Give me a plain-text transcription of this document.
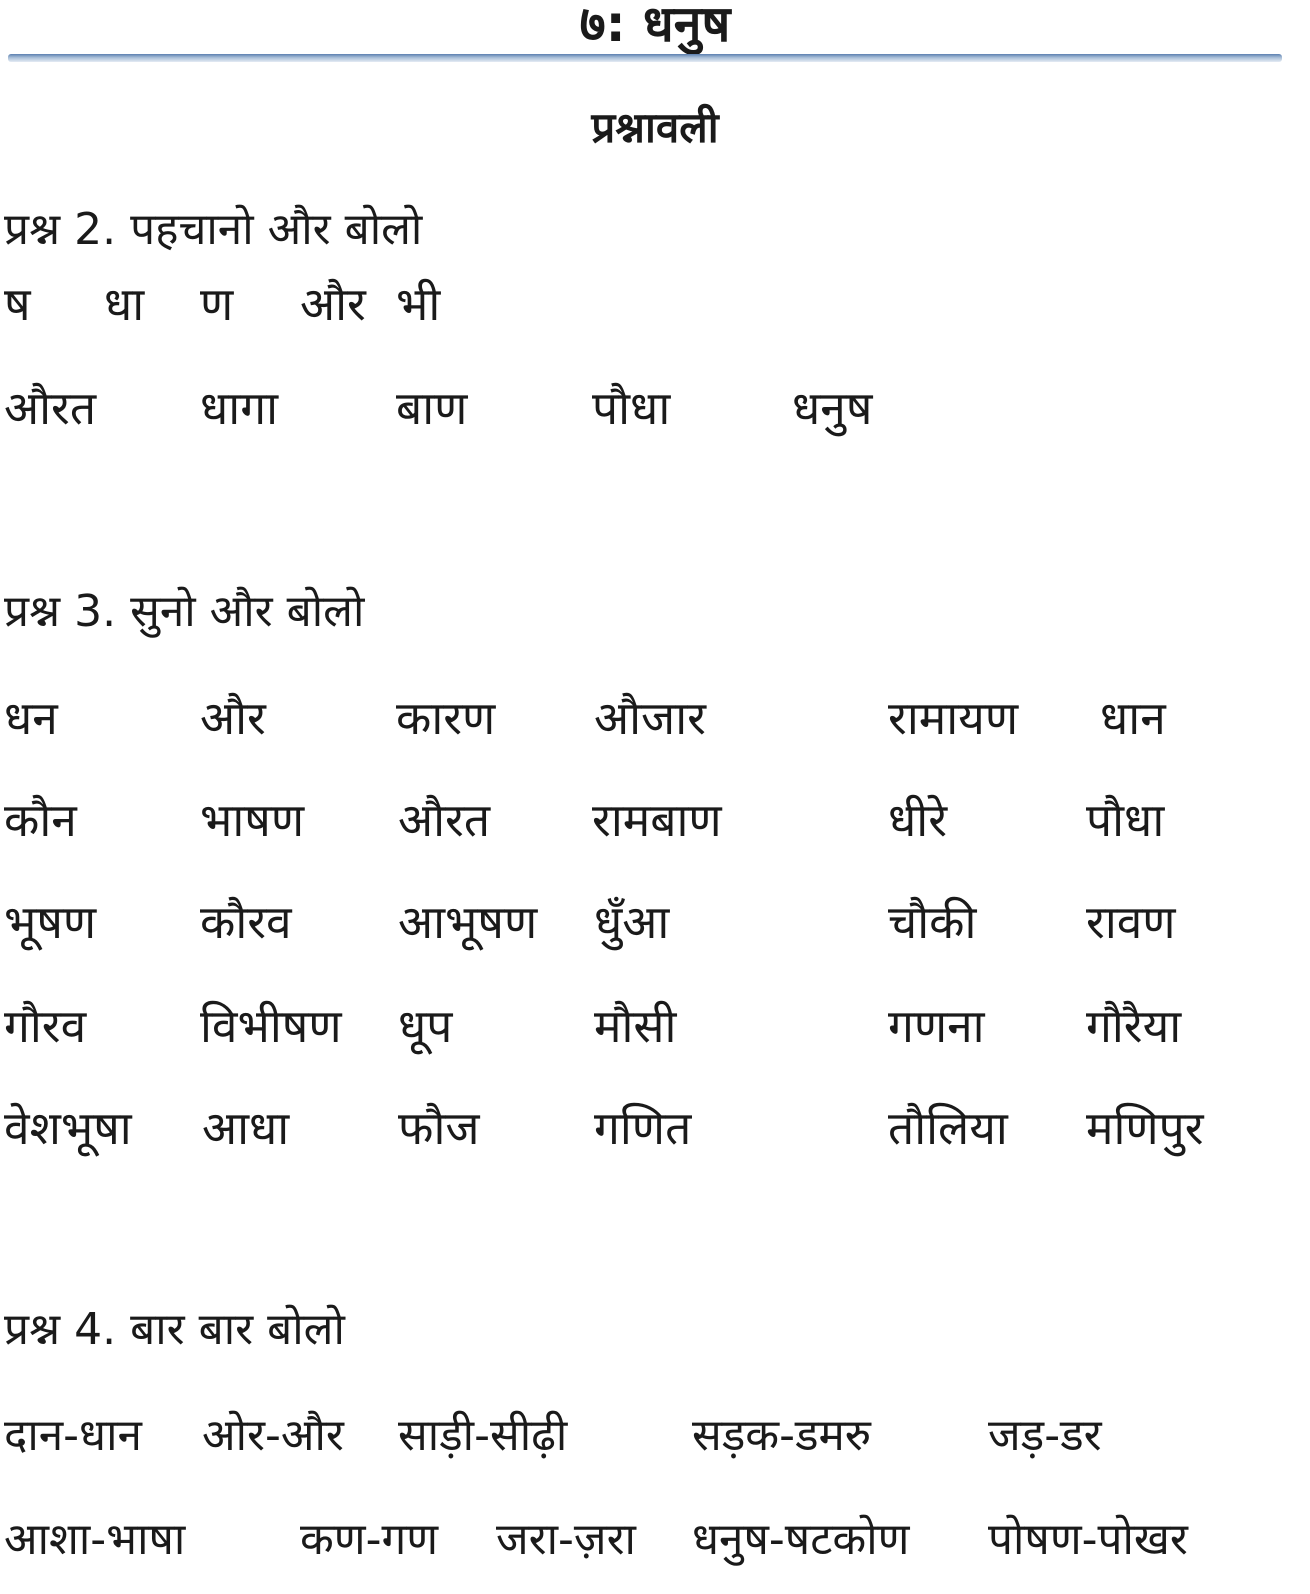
७: धनुष
प्रश्नावली
प्रश्न 2. पहचानो और बोलो
ष धा ण और भी
औरत धागा	बाण	पौधा	धनुष
प्रश्न 3. सुनो और बोलो
धन	और	कारण औजार	रामायण धान
कौन	भाषण औरत रामबाण	धीरे	पौधा
भूषण कौरव आभूषण धुँआ	चौकी रावण
गौरव विभीषण धूप	मौसी	गणना गौरैया
वेशभूषा आधा फौज गणित	तौलिया मणिपुर
प्रश्न 4. बार बार बोलो
दान-धान ओर-और साड़ी-सीढ़ी	सड़क-डमरु	जड़-डर
आशा-भाषा	कण-गण जरा-ज़रा धनुष-षटकोण पोषण-पोखर
